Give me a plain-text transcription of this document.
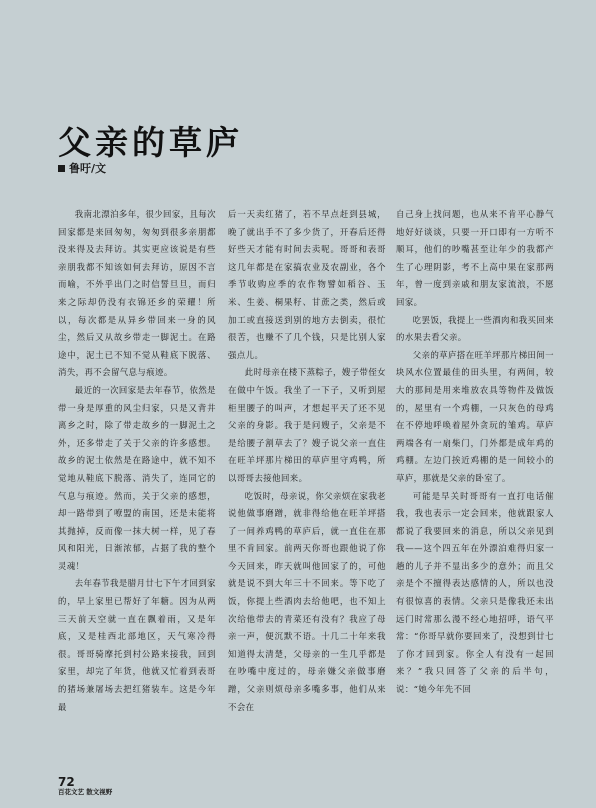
父亲的草庐
鲁吁/文

我南北漂泊多年，很少回家，且每次回家都是来回匆匆，匆匆到很多亲朋都没来得及去拜访。其实更应该说是有些亲朋我都不知该如何去拜访，原因不言而喻，不外乎出门之时信誓旦旦，而归来之际却仍没有衣锦还乡的荣耀！所以，每次都是从异乡带回来一身的风尘，然后又从故乡带走一脚泥土。在路途中，泥土已不知不觉从鞋底下脱落、消失，再不会留气息与痕迹。

最近的一次回家是去年春节，依然是带一身是厚重的风尘归家，只是又背井离乡之时，除了带走故乡的一脚泥土之外，还多带走了关于父亲的许多感想。故乡的泥土依然是在路途中，就不知不觉地从鞋底下脱落、消失了，连同它的气息与痕迹。然而，关于父亲的感想，却一路带到了嘹盟的南国，还是未能将其抛掉，反而像一抹大树一样，见了春风和阳光，日渐浓郁，占据了我的整个灵魂！

去年春节我是腊月廿七下午才回到家的，早上家里已帮好了年糖。因为从两三天前天空就一直在飘着雨，又是年底，又是桂西北部地区，天气寒冷得很。哥哥骑摩托到村公路来接我，回到家里，却完了年货，他就又忙着到表哥的猪场兼屠场去把红猪装车。这是今年最

后一天卖红猪了，若不早点赶到县城，晚了就出手不了多少货了，开春后还得好些天才能有时间去卖呢。哥哥和表哥这几年都是在家搞农业及农副业，各个季节收购应季的农作物譬如稻谷、玉米、生姜、桐果籽、甘蔗之类，然后或加工或直接送到别的地方去倒卖，很忙很苦，也赚不了几个钱，只是比别人家强点儿。

此时母亲在楼下蒸粽子，嫂子带侄女在做中午饭。我坐了一下子，又听到屋柜里腰子的叫声，才想起平天了还不见父亲的身影。我于是问嫂子，父亲是不是给腰子割草去了？嫂子说父亲一直住在旺羊坪那片梯田的草庐里守鸡鸭，所以哥哥去接他回来。

吃饭时，母亲说，你父亲烦在家我老说他做事磨蹭，就非得给他在旺羊坪搭了一间养鸡鸭的草庐后，就一直住在那里不肯回家。前两天你哥也跟他说了你今天回来，昨天就叫他回家了的，可他就是说不到大年三十不回来。等下吃了饭，你提上些酒肉去给他吧，也不知上次给他带去的青菜还有没有？我应了母亲一声，便沉默不语。十几二十年来我知道得太清楚，父母亲的一生几乎都是在吵嘴中度过的，母亲嫌父亲做事磨蹭，父亲则烦母亲多嘴多事，他们从来不会在

自己身上找问题，也从来不肯平心静气地好好谈谈，只要一开口即有一方听不顺耳，他们的吵嘴甚至让年少的我都产生了心理阴影，考不上高中果在家那两年，曾一度到亲戚和朋友家流浪，不愿回家。

吃罢饭，我提上一些酒肉和我买回来的水果去看父亲。

父亲的草庐搭在旺羊坪那片梯田间一块风水位置最佳的田头里，有两间，较大的那间是用来堆放农具等物件及做饭的，屋里有一个鸡棚，一只灰色的母鸡在不停地呼唤着屋外贪玩的雏鸡。草庐两端各有一扇柴门，门外都是成年鸡的鸡棚。左边门挨近鸡棚的是一间较小的草庐，那就是父亲的卧室了。

可能是早关时哥哥有一直打电话催我，我也表示一定会回来，他就跟家人都说了我要回来的消息，所以父亲见到我——这个四五年在外漂泊难得归家一趟的儿子并不显出多少的意外；而且父亲是个不擅得表达感情的人，所以也没有很惊喜的表情。父亲只是像我还未出远门时常那么漫不经心地招呼，语气平常：“你哥早就你要回来了，没想到廿七了你才回到家。你全人有没有一起回来？”我只回答了父亲的后半句，说：“她今年先不回

72
百花文艺 散文视野
